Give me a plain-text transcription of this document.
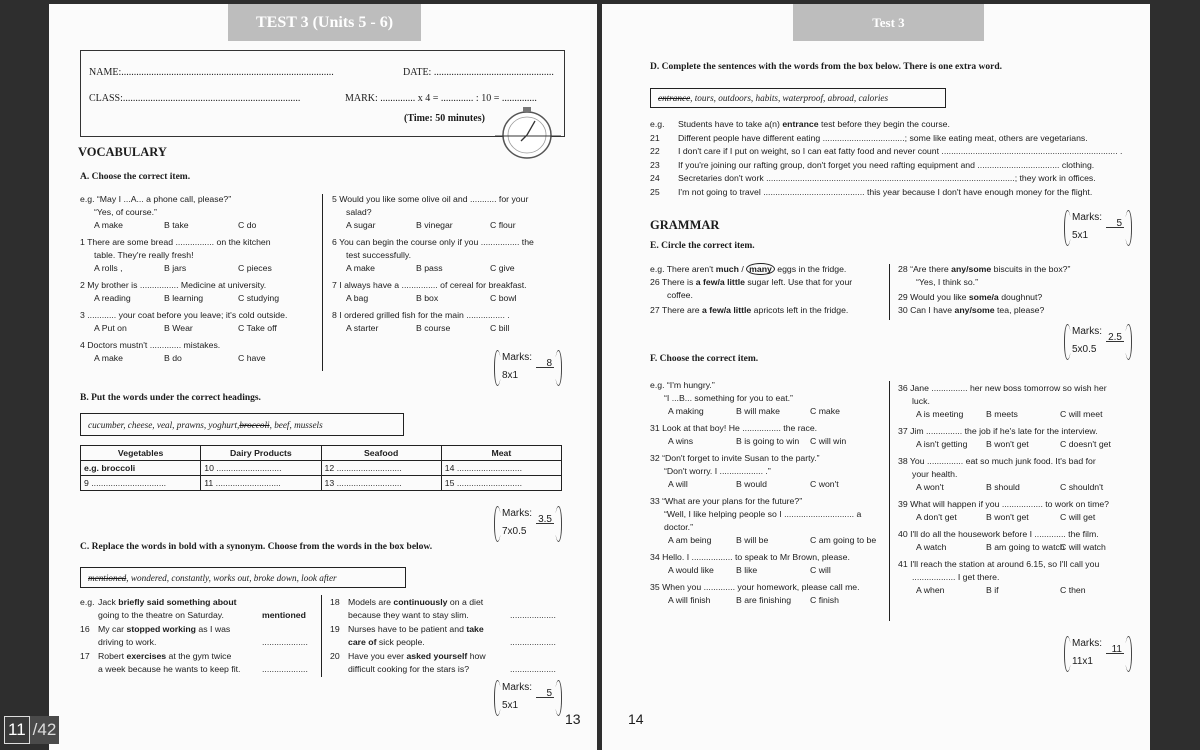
TEST 3 (Units 5 - 6)
NAME:.....................................................................................	DATE: ................................................
CLASS:.......................................................................	MARK: .............. x 4 = ............. : 10 = ..............
(Time: 50 minutes)
VOCABULARY
A. Choose the correct item.
e.g. “May I ...A... a phone call, please?”
“Yes, of course.”
A make	B take	C do
1 There are some bread ................ on the kitchen
table. They're really fresh!
A rolls ,	B jars	C pieces
2 My brother is ................ Medicine at university.
A reading	B learning	C studying
3 ............ your coat before you leave; it's cold outside.
A Put on	B Wear	C Take off
4 Doctors mustn't ............. mistakes.
A make	B do	C have
5 Would you like some olive oil and ........... for your
salad?
A sugar	B vinegar	C flour
6 You can begin the course only if you ................ the
test successfully.
A make	B pass	C give
7 I always have a ............... of cereal for breakfast.
A bag	B box	C bowl
8 I ordered grilled fish for the main ................ .
A starter	B course	C bill
Marks:
8x1
8
B. Put the words under the correct headings.
cucumber, cheese, veal, prawns, yoghurt, broccoli , beef, mussels
Vegetables	Dairy Products	Seafood	Meat
e.g. broccoli	10 ...........................	12 ...........................	14 ...........................
9 ...............................	11 ...........................	13 ...........................	15 ...........................
Marks:
7x0.5
3.5
C. Replace the words in bold with a synonym. Choose from the words in the box below.
mentioned , wondered, constantly, works out, broke down, look after
e.g. Jack briefly said something about
going to the theatre on Saturday.	mentioned
16 My car stopped working as I was
driving to work.	...................
17 Robert exercises at the gym twice
a week because he wants to keep fit. ...................
18 Models are continuously on a diet
because they want to stay slim.	...................
19 Nurses have to be patient and take
care of sick people.	...................
20 Have you ever asked yourself how
difficult cooking for the stars is?	...................
Marks:
5x1
5
13
Test 3
D. Complete the sentences with the words from the box below. There is one extra word.
entrance , tours, outdoors, habits, waterproof, abroad, calories
e.g. Students have to take a(n) entrance test before they begin the course.
21 Different people have different eating ..................................; some like eating meat, others are vegetarians.
22 I don't care if I put on weight, so I can eat fatty food and never count ......................................................................... .
23 If you're joining our rafting group, don't forget you need rafting equipment and .................................. clothing.
24 Secretaries don't work .......................................................................................................; they work in offices.
25 I'm not going to travel .......................................... this year because I don't have enough money for the flight.
Marks:
5x1
5
GRAMMAR
E. Circle the correct item.
e.g. There aren't much / many eggs in the fridge.
26 There is a few/a little sugar left. Use that for your
coffee.
27 There are a few/a little apricots left in the fridge.
28 “Are there any/some biscuits in the box?”
“Yes, I think so.”
29 Would you like some/a doughnut?
30 Can I have any/some tea, please?
Marks:
5x0.5
2.5
F. Choose the correct item.
e.g. “I'm hungry.”
“I ...B... something for you to eat.”
A making	B will make	C make
31 Look at that boy! He ................ the race.
A wins	B is going to win C will win
32 “Don't forget to invite Susan to the party.”
“Don't worry. I .................. .”
A will	B would	C won't
33 “What are your plans for the future?”
“Well, I like helping people so I ............................. a
doctor.”
A am being	B will be	C am going to be
34 Hello. I ................. to speak to Mr Brown, please.
A would like	B like	C will
35 When you ............. your homework, please call me.
A will finish	B are finishing C finish
36 Jane ............... her new boss tomorrow so wish her
luck.
A is meeting	B meets	C will meet
37 Jim ............... the job if he's late for the interview.
A isn't getting B won't get	C doesn't get
38 You ............... eat so much junk food. It's bad for
your health.
A won't	B should	C shouldn't
39 What will happen if you ................. to work on time?
A don't get	B won't get	C will get
40 I'll do all the housework before I ............. the film.
A watch	B am going to watch
C will watch
41 I'll reach the station at around 6.15, so I'll call you
.................. I get there.
A when	B if	C then
Marks:
11x1
11
14
11 /42
